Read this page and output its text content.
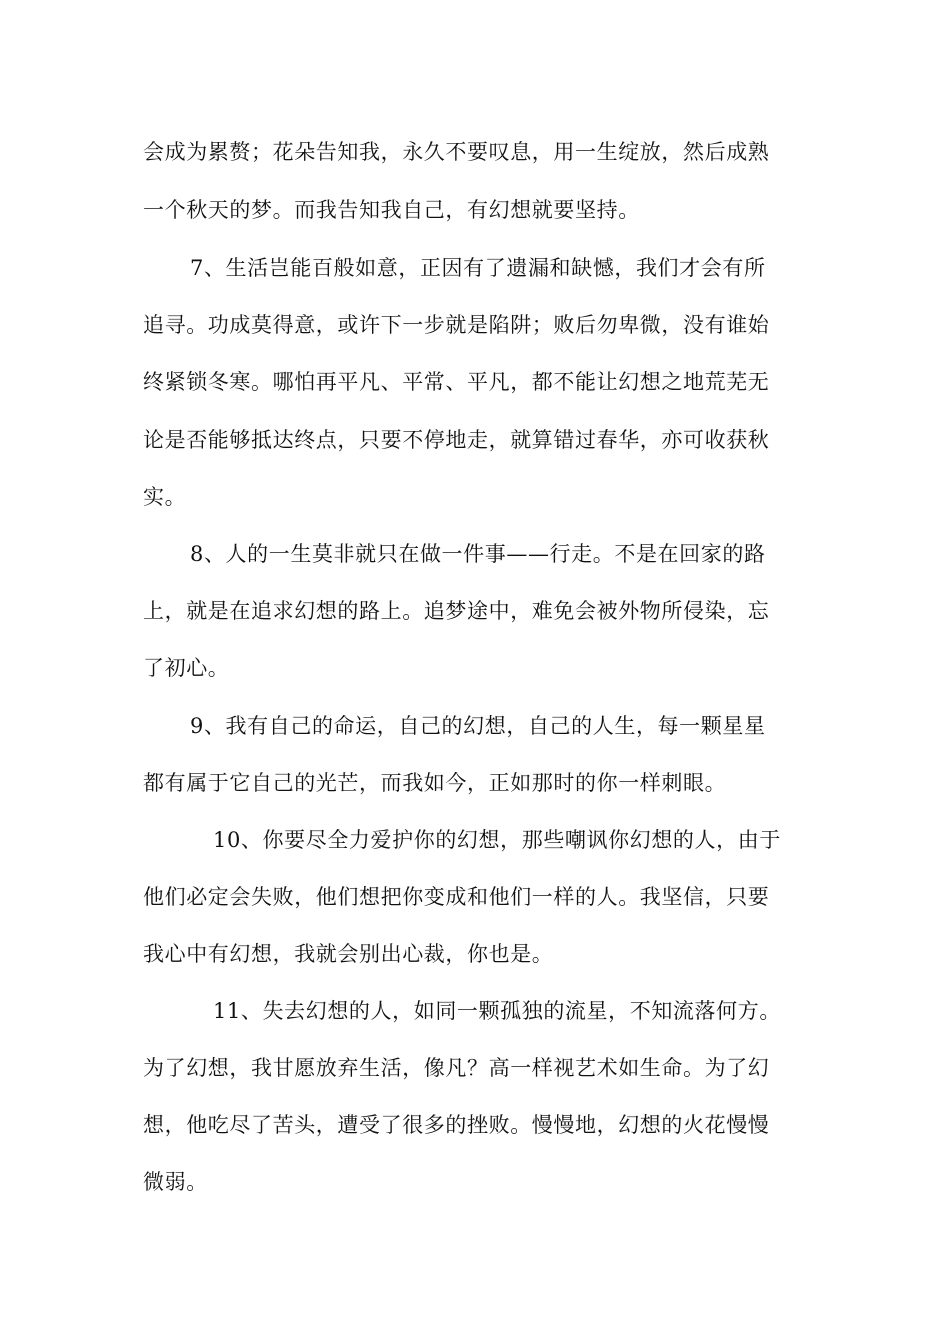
会成为累赘；花朵告知我，永久不要叹息，用一生绽放，然后成熟
一个秋天的梦。而我告知我自己，有幻想就要坚持。
7、生活岂能百般如意，正因有了遗漏和缺憾，我们才会有所
追寻。功成莫得意，或许下一步就是陷阱；败后勿卑微，没有谁始
终紧锁冬寒。哪怕再平凡、平常、平凡，都不能让幻想之地荒芜无
论是否能够抵达终点，只要不停地走，就算错过春华，亦可收获秋
实。
8、人的一生莫非就只在做一件事——行走。不是在回家的路
上，就是在追求幻想的路上。追梦途中，难免会被外物所侵染，忘
了初心。
9、我有自己的命运，自己的幻想，自己的人生，每一颗星星
都有属于它自己的光芒，而我如今，正如那时的你一样刺眼。
10、你要尽全力爱护你的幻想，那些嘲讽你幻想的人，由于
他们必定会失败，他们想把你变成和他们一样的人。我坚信，只要
我心中有幻想，我就会别出心裁，你也是。
11、失去幻想的人，如同一颗孤独的流星，不知流落何方。
为了幻想，我甘愿放弃生活，像凡？高一样视艺术如生命。为了幻
想，他吃尽了苦头，遭受了很多的挫败。慢慢地，幻想的火花慢慢
微弱。
